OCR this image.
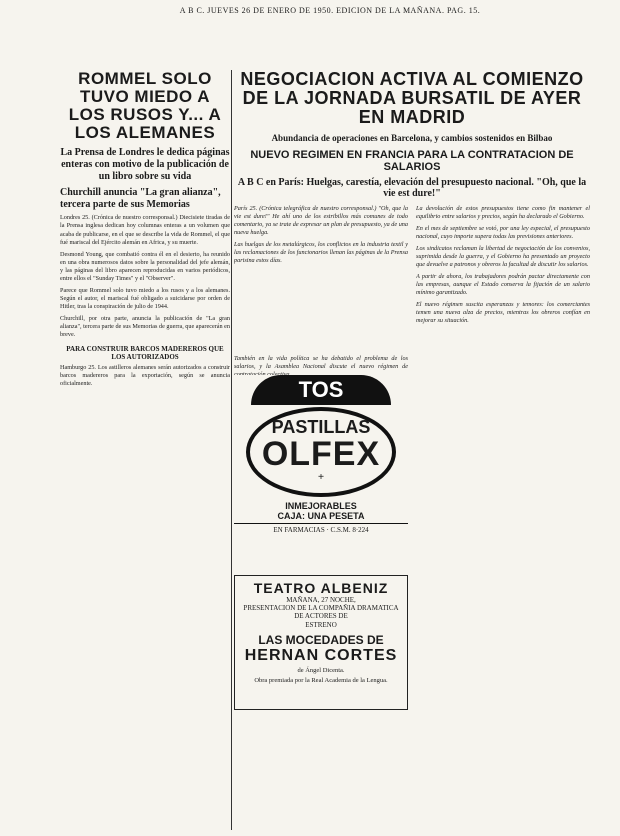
A B C. JUEVES 26 DE ENERO DE 1950. EDICION DE LA MAÑANA. PAG. 15.
ROMMEL SOLO TUVO MIEDO A LOS RUSOS Y... A LOS ALEMANES
La Prensa de Londres le dedica páginas enteras con motivo de la publicación de un libro sobre su vida
Churchill anuncia "La gran alianza", tercera parte de sus Memorias

Londres 25. (Crónica de nuestro corresponsal.) Diecisiete tiradas de la Prensa inglesa dedican hoy columnas enteras a un volumen que acaba de publicarse, en el que se describe la vida de Rommel, el que fué mariscal del Ejército alemán en Africa, y su muerte.

Desmond Young, que combatió contra él en el desierto, ha reunido en una obra numerosos datos sobre la personalidad del jefe alemán, y las páginas del libro aparecen reproducidas en varios periódicos, entre ellos el "Sunday Times" y el "Observer".

Parece que Rommel solo tuvo miedo a los rusos y a los alemanes. Según el autor, el mariscal fué obligado a suicidarse por orden de Hitler, tras la conspiración de julio de 1944.

Churchill, por otra parte, anuncia la publicación de "La gran alianza", tercera parte de sus Memorias de guerra, que aparecerán en breve.

PARA CONSTRUIR BARCOS MADEREROS QUE LOS AUTORIZADOS

Hamburgo 25. Los astilleros alemanes serán autorizados a construir barcos madereros para la exportación, según se anuncia oficialmente.

NEGOCIACION ACTIVA AL COMIENZO DE LA JORNADA BURSATIL DE AYER EN MADRID
Abundancia de operaciones en Barcelona, y cambios sostenidos en Bilbao
NUEVO REGIMEN EN FRANCIA PARA LA CONTRATACION DE SALARIOS
A B C en París: Huelgas, carestía, elevación del presupuesto nacional. "Oh, que la vie est dure!"

París 25. (Crónica telegráfica de nuestro corresponsal.) "Oh, que la vie est dure!" He ahí uno de los estribillos más comunes de todo comentario, ya se trate de expresar un plan de presupuesto, ya de una nueva huelga.

Las huelgas de los metalúrgicos, los conflictos en la industria textil y las reclamaciones de los funcionarios llenan las páginas de la Prensa parisina estos días.

También en la vida política se ha debatido el problema de los salarios, y la Asamblea Nacional discute el nuevo régimen de

TOS
PASTILLAS
OLFEX
+
INMEJORABLES
CAJA: UNA PESETA
EN FARMACIAS · C.S.M. 8·224
TEATRO ALBENIZ
MAÑANA, 27 NOCHE,
PRESENTACION DE LA COMPAÑIA DRAMATICA DE ACTORES DE
ESTRENO
LAS MOCEDADES DE
HERNAN CORTES
de Ángel Dicenta.
Obra premiada por la Real Academia de la Lengua.

La devolución de estos presupuestos tiene como fin mantener el equilibrio entre salarios y precios, según ha declarado el Gobierno.

En el mes de septiembre se votó, por una ley especial, el presupuesto nacional, cuyo importe supera todas las previsiones anteriores.

Los sindicatos reclaman la libertad de negociación de los convenios, suprimida desde la guerra, y el Gobierno ha presentado un proyecto que devuelve a patronos y obreros la facultad de discutir los salarios.

A partir de ahora, los trabajadores podrán pactar directamente con las empresas, aunque el Estado conserva la fijación de un salario mínimo garantizado.

El nuevo régimen suscita esperanzas y temores: los comerciantes temen una nueva alza de precios, mientras los obreros confían en mejorar su situación.
